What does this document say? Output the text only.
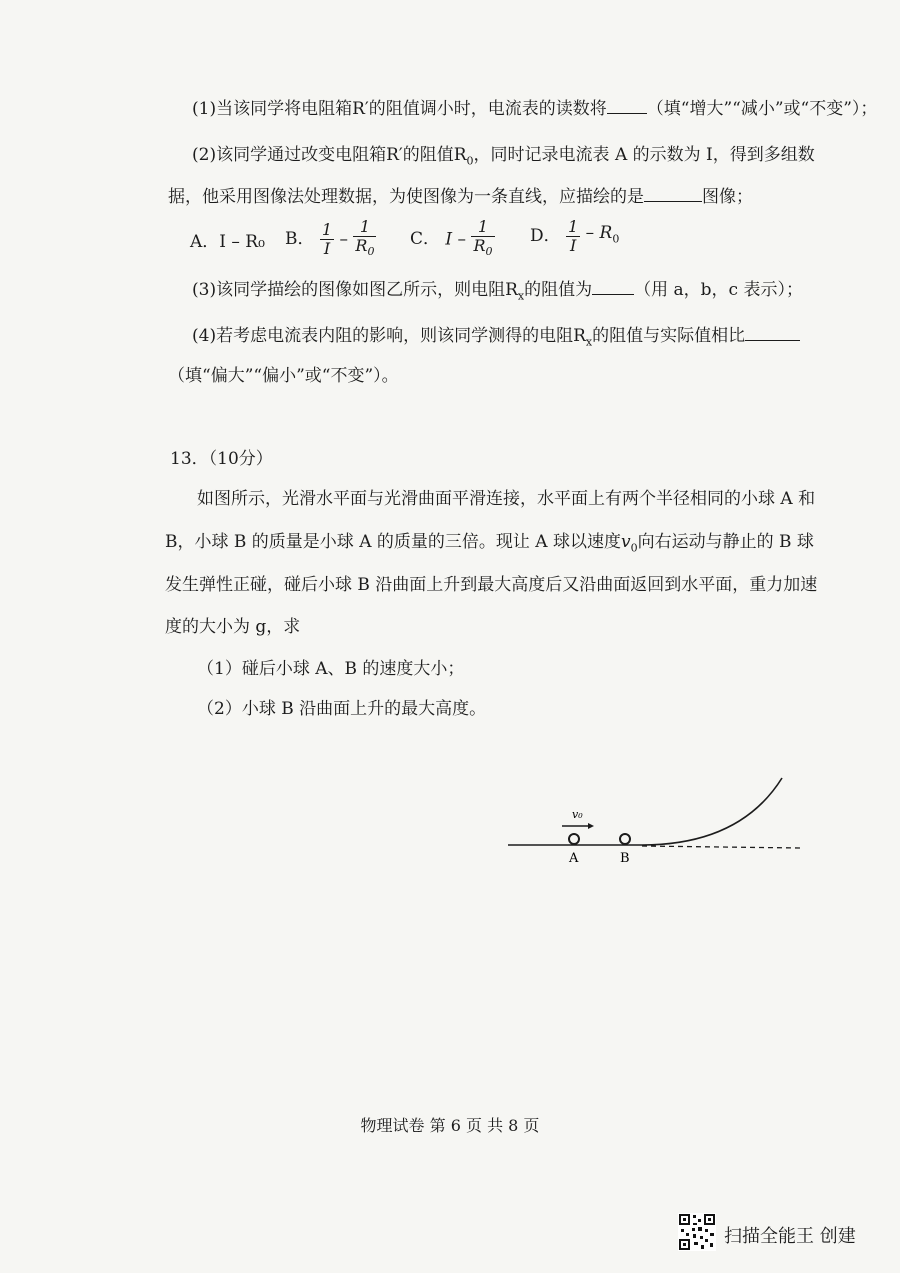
(1)当该同学将电阻箱R′的阻值调小时，电流表的读数将 （填“增大”“减小”或“不变”）；
(2)该同学通过改变电阻箱R′的阻值$R_0$，同时记录电流表 A 的示数为 I，得到多组数
据，他采用图像法处理数据，为使图像为一条直线，应描绘的是	图像；
A．I – R₀ B． $\frac{1}{I} - \frac{1}{R_0}$ C． I – $\frac{1}{R_0}$ D． $\frac{1}{I} - R_0$
(3)该同学描绘的图像如图乙所示，则电阻$R_x$的阻值为 （用 a，b，c 表示）；
(4)若考虑电流表内阻的影响，则该同学测得的电阻$R_x$的阻值与实际值相比
（填“偏大”“偏小”或“不变”）。
13．（10分）
如图所示，光滑水平面与光滑曲面平滑连接，水平面上有两个半径相同的小球 A 和
B，小球 B 的质量是小球 A 的质量的三倍。现让 A 球以速度$v_0$向右运动与静止的 B 球
发生弹性正碰，碰后小球 B 沿曲面上升到最大高度后又沿曲面返回到水平面，重力加速
度的大小为 g，求
（1）碰后小球 A、B 的速度大小；
（2）小球 B 沿曲面上升的最大高度。
v₀
A	B
物理试卷 第 6 页 共 8 页
扫描全能王 创建
